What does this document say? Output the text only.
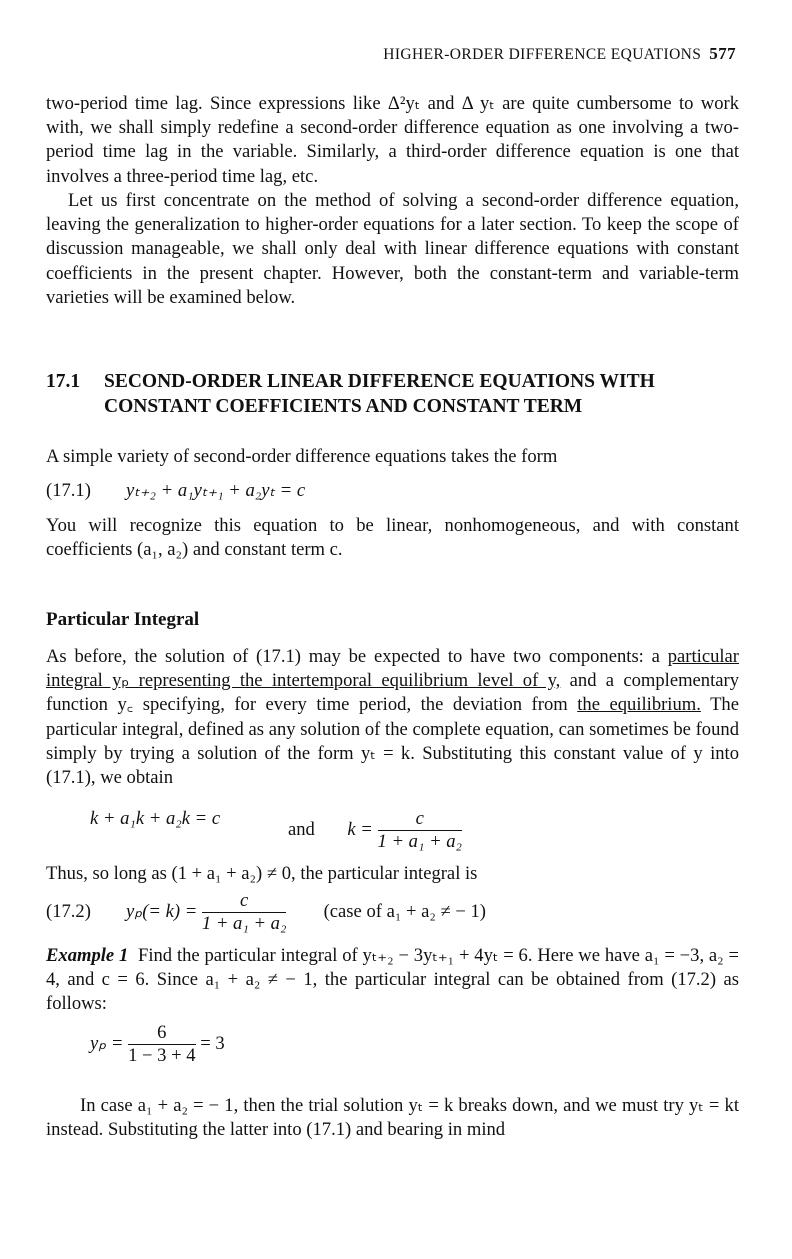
HIGHER-ORDER DIFFERENCE EQUATIONS 577
two-period time lag. Since expressions like Δ²yₜ and Δ yₜ are quite cumbersome to work with, we shall simply redefine a second-order difference equation as one involving a two-period time lag in the variable. Similarly, a third-order difference equation is one that involves a three-period time lag, etc.
Let us first concentrate on the method of solving a second-order difference equation, leaving the generalization to higher-order equations for a later section. To keep the scope of discussion manageable, we shall only deal with linear difference equations with constant coefficients in the present chapter. However, both the constant-term and variable-term varieties will be examined below.
17.1 SECOND-ORDER LINEAR DIFFERENCE EQUATIONS WITH
CONSTANT COEFFICIENTS AND CONSTANT TERM
A simple variety of second-order difference equations takes the form
(17.1) yₜ₊₂ + a₁yₜ₊₁ + a₂yₜ = c
You will recognize this equation to be linear, nonhomogeneous, and with constant coefficients (a₁, a₂) and constant term c.
Particular Integral
As before, the solution of (17.1) may be expected to have two components: a particular integral yₚ representing the intertemporal equilibrium level of y, and a complementary function y꜀ specifying, for every time period, the deviation from the equilibrium. The particular integral, defined as any solution of the complete equation, can sometimes be found simply by trying a solution of the form yₜ = k. Substituting this constant value of y into (17.1), we obtain
k + a₁k + a₂k = c
and $k = \frac{c}{\text{1 + a₁ + a₂}}$
Thus, so long as (1 + a₁ + a₂) ≠ 0, the particular integral is
(17.2) $y_p(= k) = \frac{c}{\text{1 + a₁ + a₂}}$ (case of a₁ + a₂ ≠ − 1)
Example 1 Find the particular integral of yₜ₊₂ − 3yₜ₊₁ + 4yₜ = 6. Here we have a₁ = −3, a₂ = 4, and c = 6. Since a₁ + a₂ ≠ − 1, the particular integral can be obtained from (17.2) as follows:
$y_p = \frac{6}{1 - 3 + 4} = 3$
In case a₁ + a₂ = − 1, then the trial solution yₜ = k breaks down, and we must try yₜ = kt instead. Substituting the latter into (17.1) and bearing in mind
